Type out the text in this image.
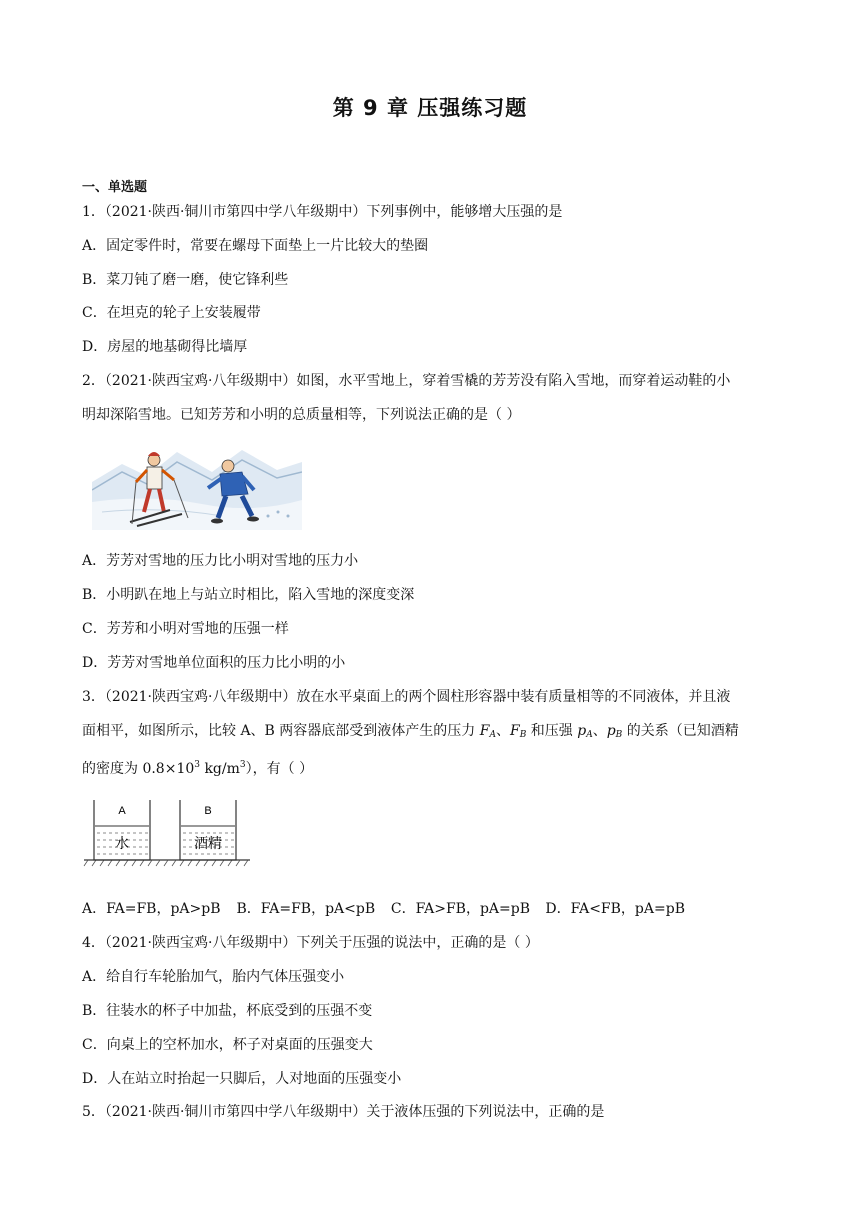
第 9 章 压强练习题
一、单选题
1．（2021·陕西·铜川市第四中学八年级期中）下列事例中，能够增大压强的是
A．固定零件时，常要在螺母下面垫上一片比较大的垫圈
B．菜刀钝了磨一磨，使它锋利些
C．在坦克的轮子上安装履带
D．房屋的地基砌得比墙厚
2．（2021·陕西宝鸡·八年级期中）如图，水平雪地上，穿着雪橇的芳芳没有陷入雪地，而穿着运动鞋的小
明却深陷雪地。已知芳芳和小明的总质量相等，下列说法正确的是（ ）
A．芳芳对雪地的压力比小明对雪地的压力小
B．小明趴在地上与站立时相比，陷入雪地的深度变深
C．芳芳和小明对雪地的压强一样
D．芳芳对雪地单位面积的压力比小明的小
3．（2021·陕西宝鸡·八年级期中）放在水平桌面上的两个圆柱形容器中装有质量相等的不同液体，并且液
面相平，如图所示，比较 A、B 两容器底部受到液体产生的压力 $F_A$、$F_B$ 和压强 $p_A$、$p_B$ 的关系（已知酒精
的密度为 $0.8\times 10^3$ $kg/m^3$），有（ ）
A
水
B
酒精
A．FA=FB，pA>pB B．FA=FB，pA<pB C．FA>FB，pA=pB D．FA<FB，pA=pB
4．（2021·陕西宝鸡·八年级期中）下列关于压强的说法中，正确的是（ ）
A．给自行车轮胎加气，胎内气体压强变小
B．往装水的杯子中加盐，杯底受到的压强不变
C．向桌上的空杯加水，杯子对桌面的压强变大
D．人在站立时抬起一只脚后，人对地面的压强变小
5．（2021·陕西·铜川市第四中学八年级期中）关于液体压强的下列说法中，正确的是
